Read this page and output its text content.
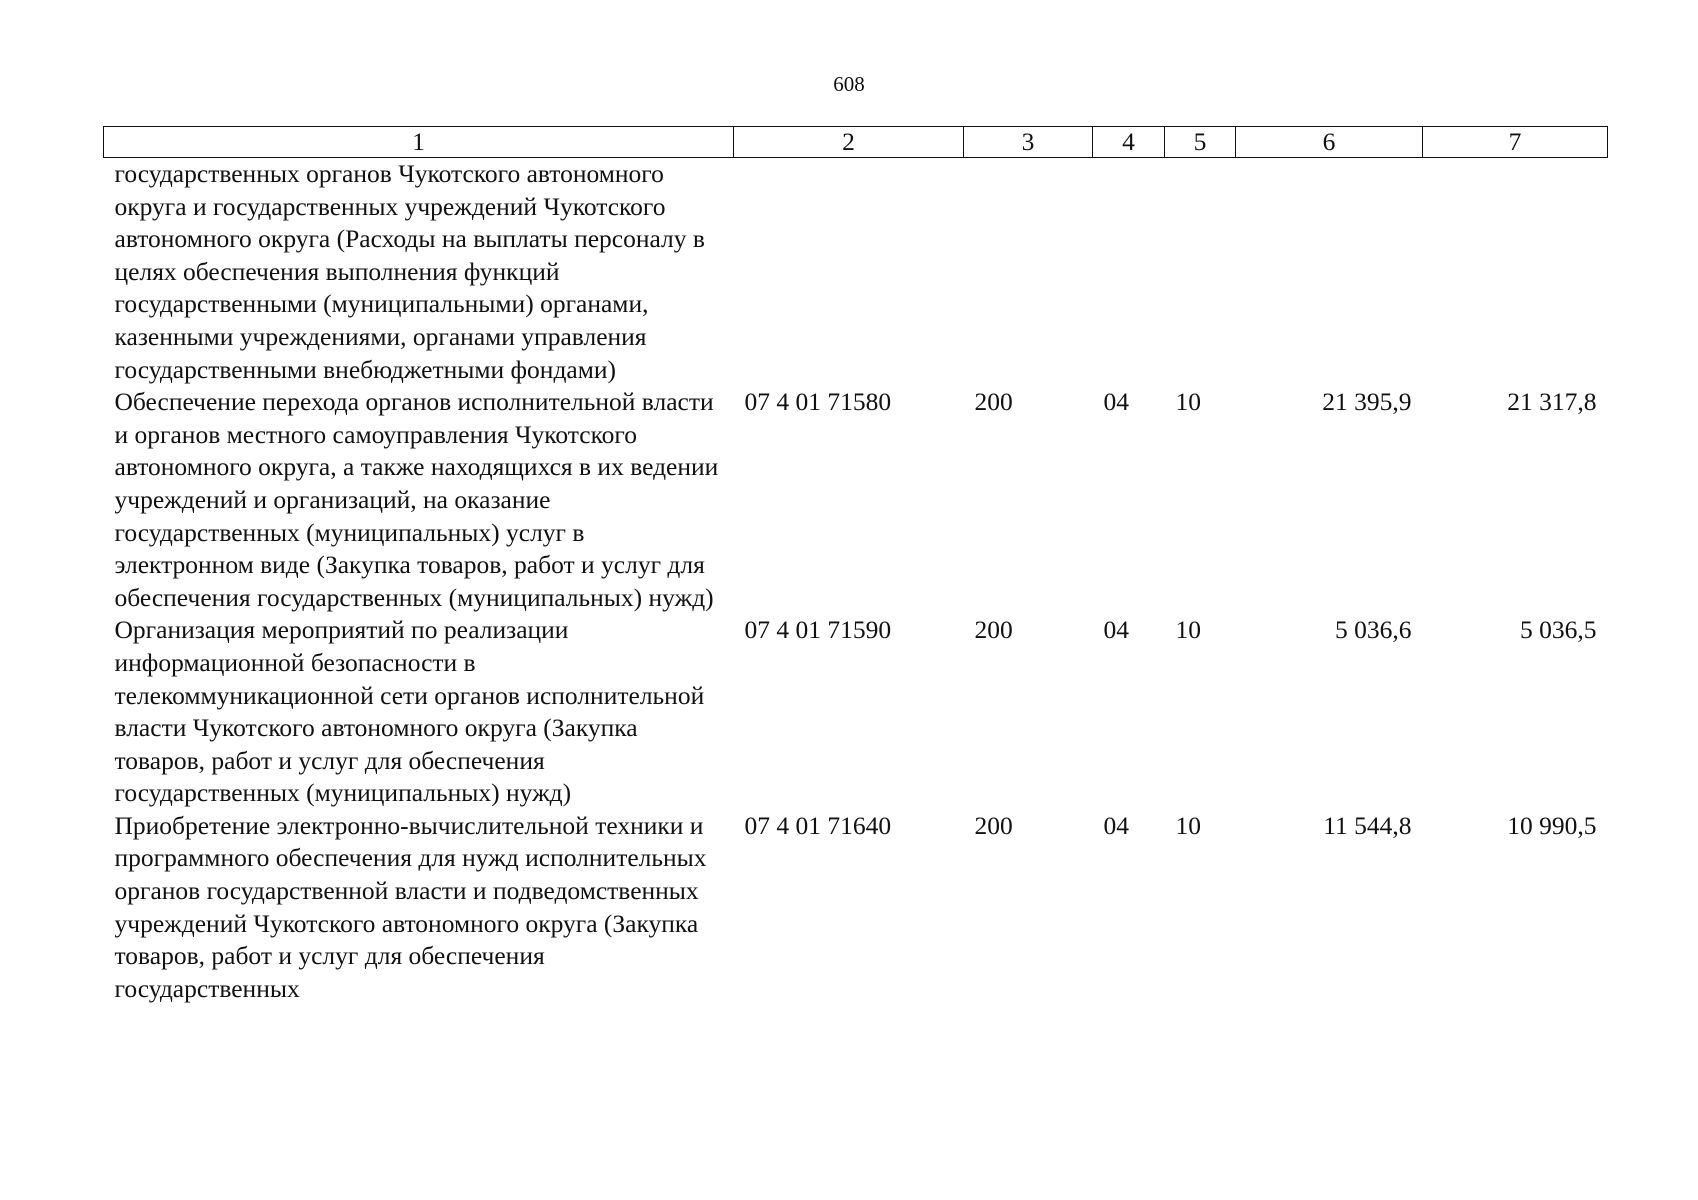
608
1	2	3	4	5	6	7
государственных органов Чукотского автономного округа и государственных учреждений Чукотского автономного округа (Расходы на выплаты персоналу в целях обеспечения выполнения функций государственными (муниципальными) органами, казенными учреждениями, органами управления государственными внебюджетными фондами)						
Обеспечение перехода органов исполнительной власти и органов местного самоуправления Чукотского автономного округа, а также находящихся в их ведении учреждений и организаций, на оказание государственных (муниципальных) услуг в электронном виде (Закупка товаров, работ и услуг для обеспечения государственных (муниципальных) нужд)	07 4 01 71580	200	04	10	21 395,9	21 317,8
Организация мероприятий по реализации информационной безопасности в телекоммуникационной сети органов исполнительной власти Чукотского автономного округа (Закупка товаров, работ и услуг для обеспечения государственных (муниципальных) нужд)	07 4 01 71590	200	04	10	5 036,6	5 036,5
Приобретение электронно-вычислительной техники и программного обеспечения для нужд исполнительных органов государственной власти и подведомственных учреждений Чукотского автономного округа (Закупка товаров, работ и услуг для обеспечения государственных	07 4 01 71640	200	04	10	11 544,8	10 990,5
